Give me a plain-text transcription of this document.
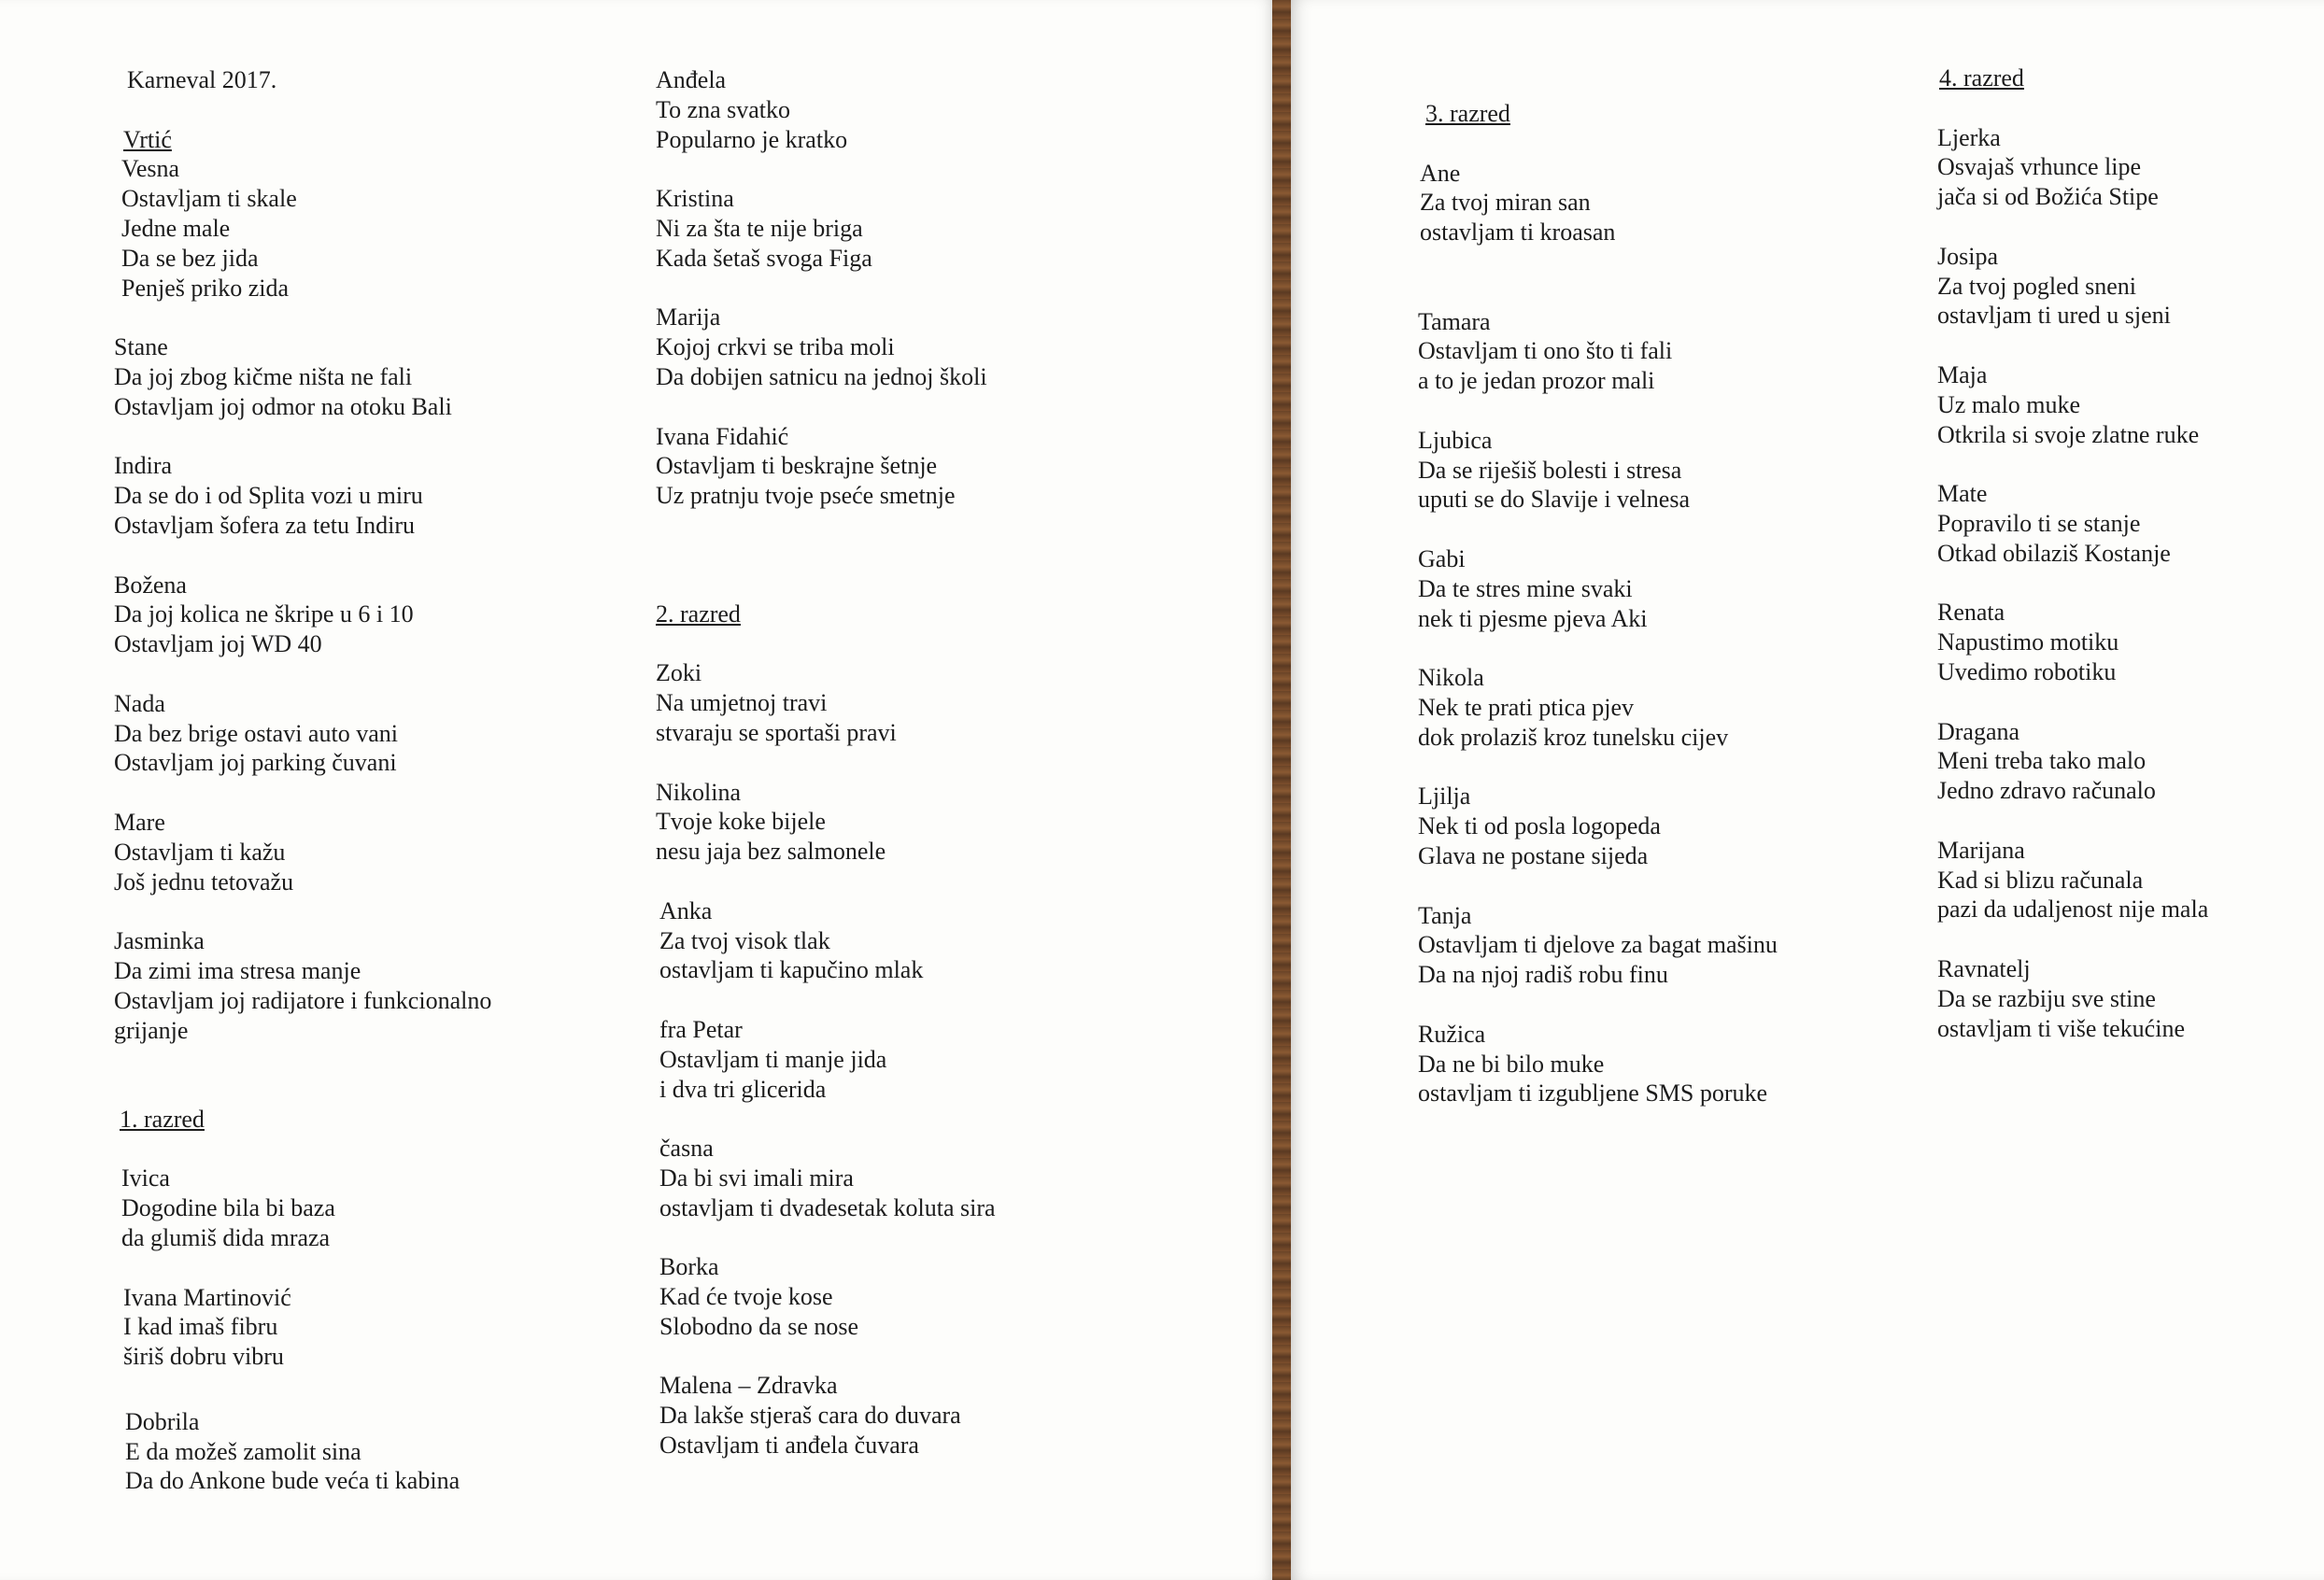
Karneval 2017.
Vrtić
Vesna
Ostavljam ti skale
Jedne male
Da se bez jida
Penješ priko zida
Stane
Da joj zbog kičme ništa ne fali
Ostavljam joj odmor na otoku Bali
Indira
Da se do i od Splita vozi u miru
Ostavljam šofera za tetu Indiru
Božena
Da joj kolica ne škripe u 6 i 10
Ostavljam joj WD 40
Nada
Da bez brige ostavi auto vani
Ostavljam joj parking čuvani
Mare
Ostavljam ti kažu
Još jednu tetovažu
Jasminka
Da zimi ima stresa manje
Ostavljam joj radijatore i funkcionalno grijanje
1. razred
Ivica
Dogodine bila bi baza
da glumiš dida mraza
Ivana Martinović
I kad imaš fibru
širiš dobru vibru
Dobrila
E da možeš zamolit sina
Da do Ankone bude veća ti kabina
Anđela
To zna svatko
Popularno je kratko
Kristina
Ni za šta te nije briga
Kada šetaš svoga Figa
Marija
Kojoj crkvi se triba moli
Da dobijen satnicu na jednoj školi
Ivana Fidahić
Ostavljam ti beskrajne šetnje
Uz pratnju tvoje pseće smetnje
2. razred
Zoki
Na umjetnoj travi
stvaraju se sportaši pravi
Nikolina
Tvoje koke bijele
nesu jaja bez salmonele
Anka
Za tvoj visok tlak
ostavljam ti kapučino mlak
fra Petar
Ostavljam ti manje jida
i dva tri glicerida
časna
Da bi svi imali mira
ostavljam ti dvadesetak koluta sira
Borka
Kad će tvoje kose
Slobodno da se nose
Malena – Zdravka
Da lakše stjeraš cara do duvara
Ostavljam ti anđela čuvara
3. razred
Ane
Za tvoj miran san
ostavljam ti kroasan
Tamara
Ostavljam ti ono što ti fali
a to je jedan prozor mali
Ljubica
Da se riješiš bolesti i stresa
uputi se do Slavije i velnesa
Gabi
Da te stres mine svaki
nek ti pjesme pjeva Aki
Nikola
Nek te prati ptica pjev
dok prolaziš kroz tunelsku cijev
Ljilja
Nek ti od posla logopeda
Glava ne postane sijeda
Tanja
Ostavljam ti djelove za bagat mašinu
Da na njoj radiš robu finu
Ružica
Da ne bi bilo muke
ostavljam ti izgubljene SMS poruke
4. razred
Ljerka
Osvajaš vrhunce lipe
jača si od Božića Stipe
Josipa
Za tvoj pogled sneni
ostavljam ti ured u sjeni
Maja
Uz malo muke
Otkrila si svoje zlatne ruke
Mate
Popravilo ti se stanje
Otkad obilaziš Kostanje
Renata
Napustimo motiku
Uvedimo robotiku
Dragana
Meni treba tako malo
Jedno zdravo računalo
Marijana
Kad si blizu računala
pazi da udaljenost nije mala
Ravnatelj
Da se razbiju sve stine
ostavljam ti više tekućine
